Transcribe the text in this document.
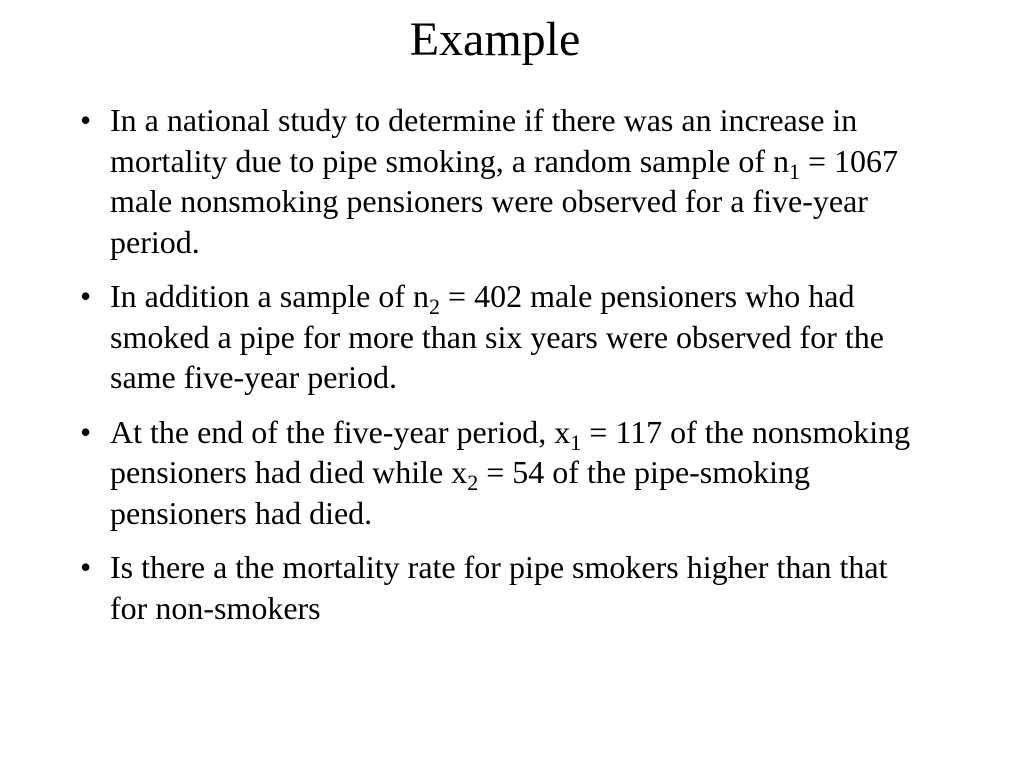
Example
• In a national study to determine if there was an increase in mortality due to pipe smoking, a random sample of $n_1 = 1067$ male nonsmoking pensioners were observed for a five-year period.
• In addition a sample of $n_2 = 402$ male pensioners who had smoked a pipe for more than six years were observed for the same five-year period.
• At the end of the five-year period, $x_1 = 117$ of the nonsmoking pensioners had died while $x_2 = 54$ of the pipe-smoking pensioners had died.
• Is there a the mortality rate for pipe smokers higher than that for non-smokers
